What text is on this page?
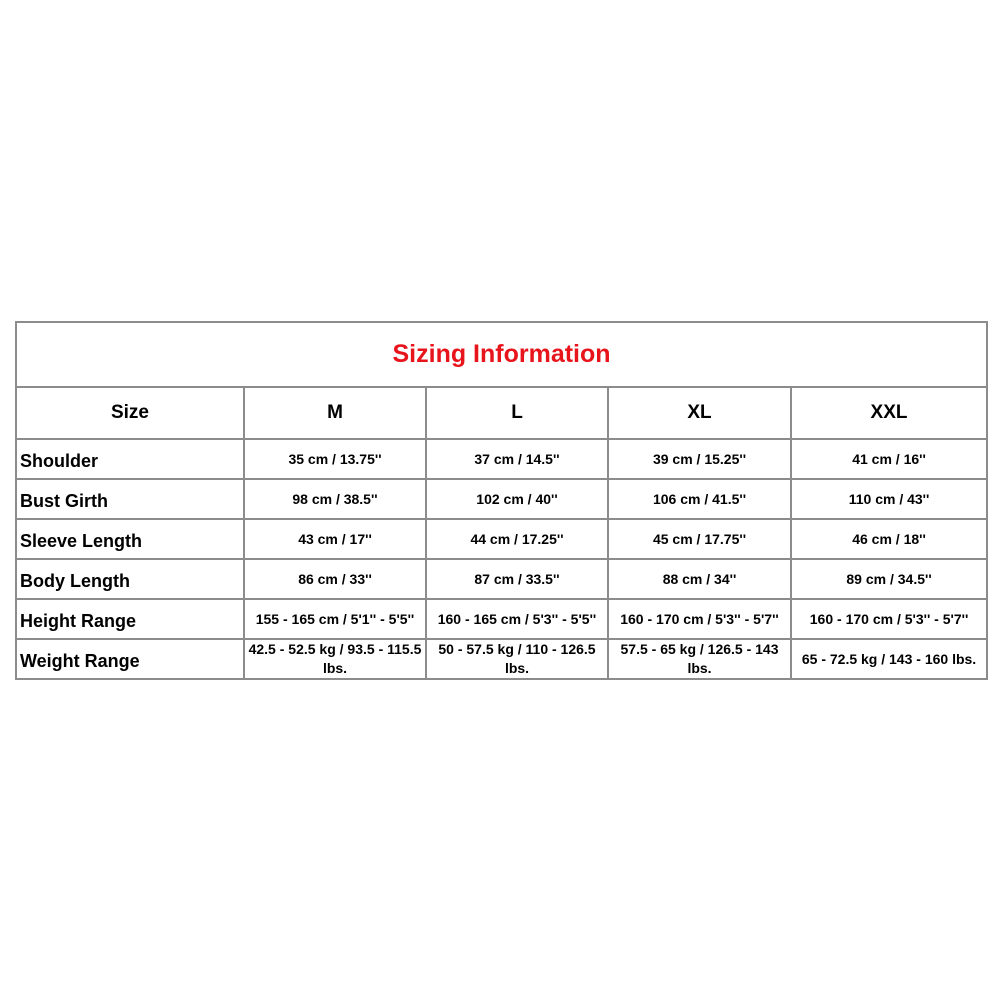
Sizing Information				
Size	M	L	XL	XXL
Shoulder	35 cm / 13.75''	37 cm / 14.5''	39 cm / 15.25''	41 cm / 16''
Bust Girth	98 cm / 38.5''	102 cm / 40''	106 cm / 41.5''	110 cm / 43''
Sleeve Length	43 cm / 17''	44 cm / 17.25''	45 cm / 17.75''	46 cm / 18''
Body Length	86 cm / 33''	87 cm / 33.5''	88 cm / 34''	89 cm / 34.5''
Height Range	155 - 165 cm / 5'1'' - 5'5''	160 - 165 cm / 5'3'' - 5'5''	160 - 170 cm / 5'3'' - 5'7''	160 - 170 cm / 5'3'' - 5'7''
Weight Range	42.5 - 52.5 kg / 93.5 - 115.5 lbs.	50 - 57.5 kg / 110 - 126.5 lbs.	57.5 - 65 kg / 126.5 - 143 lbs.	65 - 72.5 kg / 143 - 160 lbs.
